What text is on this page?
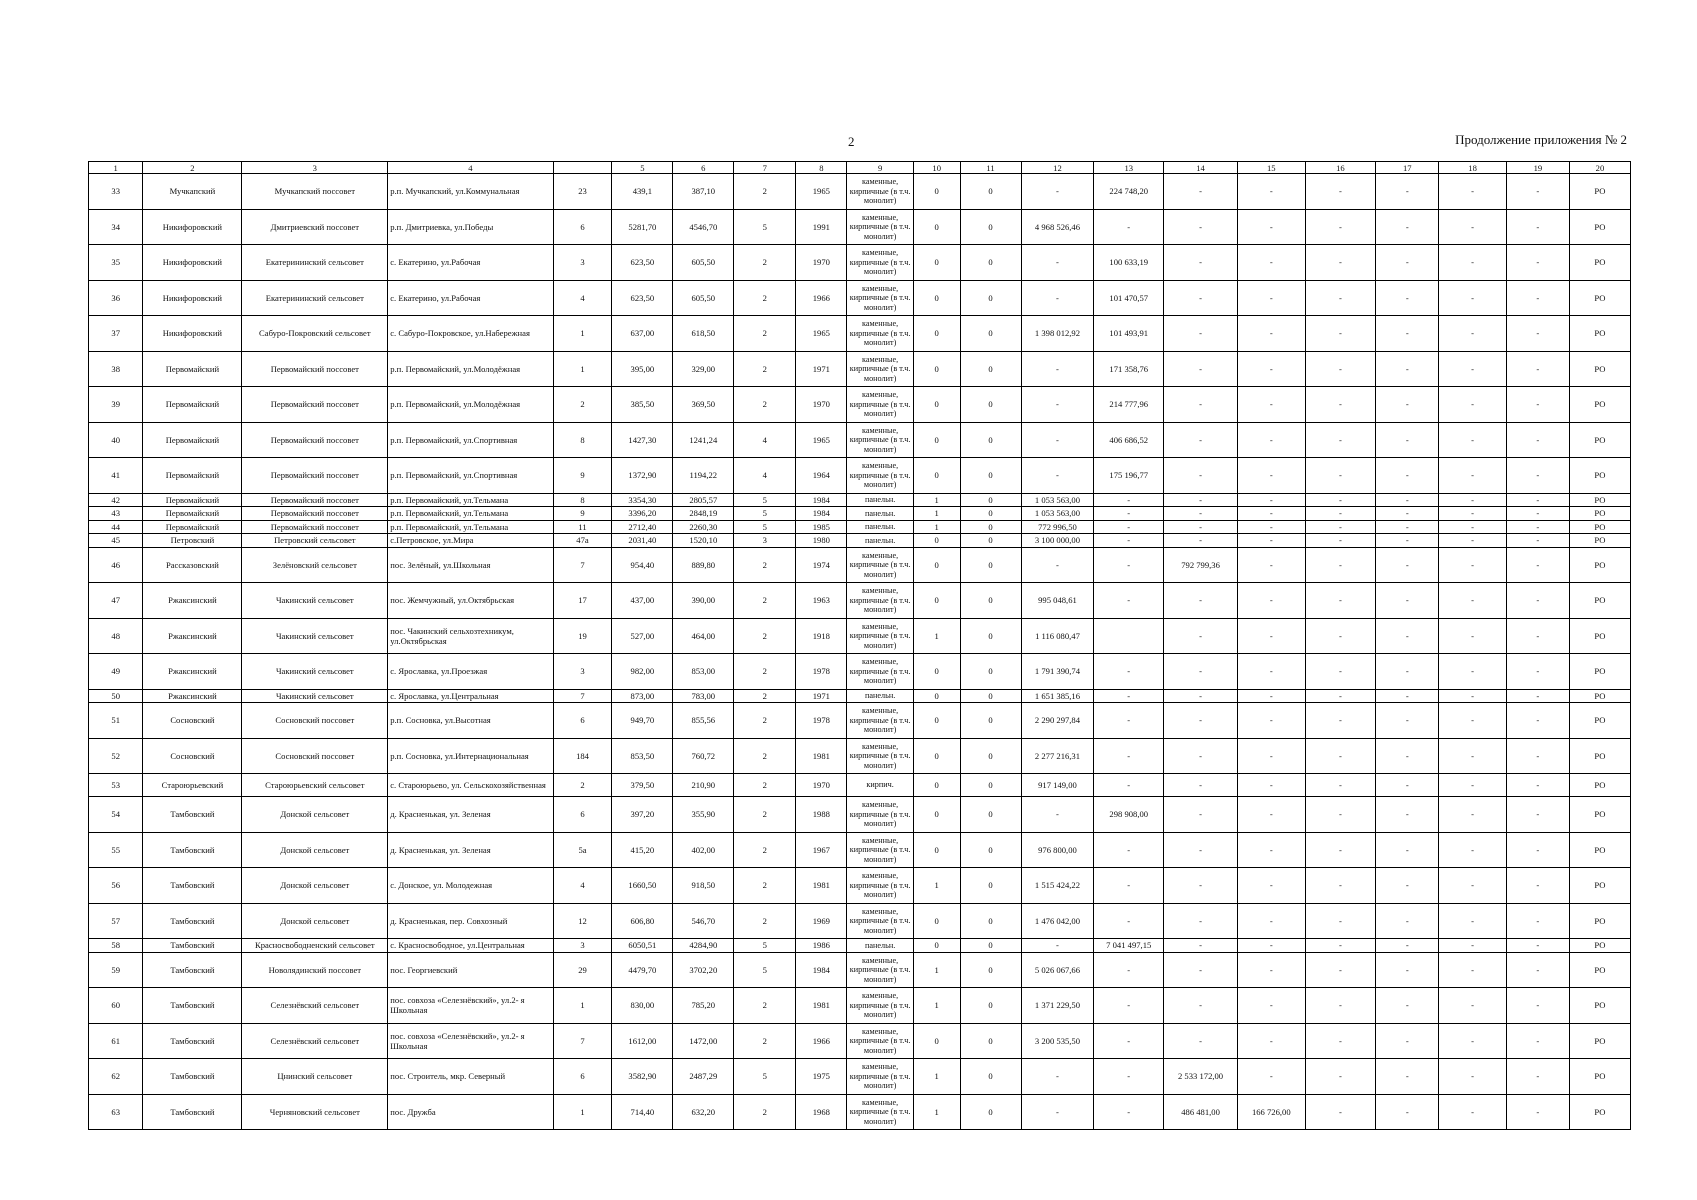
2	Продолжение приложения № 2
1	2	3	4		5	6	7	8	9	10	11	12	13	14	15	16	17	18	19	20
33	Мучкапский	Мучкапский поссовет	р.п. Мучкапский, ул.Коммунальная	23	439,1	387,10	2	1965	каменные, кирпичные (в т.ч. монолит)	0	0	-	224 748,20	-	-	-	-	-	-	РО
34	Никифоровский	Дмитриевский поссовет	р.п. Дмитриевка, ул.Победы	6	5281,70	4546,70	5	1991	каменные, кирпичные (в т.ч. монолит)	0	0	4 968 526,46	-	-	-	-	-	-	-	РО
35	Никифоровский	Екатерининский сельсовет	с. Екатерино, ул.Рабочая	3	623,50	605,50	2	1970	каменные, кирпичные (в т.ч. монолит)	0	0	-	100 633,19	-	-	-	-	-	-	РО
36	Никифоровский	Екатерининский сельсовет	с. Екатерино, ул.Рабочая	4	623,50	605,50	2	1966	каменные, кирпичные (в т.ч. монолит)	0	0	-	101 470,57	-	-	-	-	-	-	РО
37	Никифоровский	Сабуро-Покровский сельсовет	с. Сабуро-Покровское, ул.Набережная	1	637,00	618,50	2	1965	каменные, кирпичные (в т.ч. монолит)	0	0	1 398 012,92	101 493,91	-	-	-	-	-	-	РО
38	Первомайский	Первомайский поссовет	р.п. Первомайский, ул.Молодёжная	1	395,00	329,00	2	1971	каменные, кирпичные (в т.ч. монолит)	0	0	-	171 358,76	-	-	-	-	-	-	РО
39	Первомайский	Первомайский поссовет	р.п. Первомайский, ул.Молодёжная	2	385,50	369,50	2	1970	каменные, кирпичные (в т.ч. монолит)	0	0	-	214 777,96	-	-	-	-	-	-	РО
40	Первомайский	Первомайский поссовет	р.п. Первомайский, ул.Спортивная	8	1427,30	1241,24	4	1965	каменные, кирпичные (в т.ч. монолит)	0	0	-	406 686,52	-	-	-	-	-	-	РО
41	Первомайский	Первомайский поссовет	р.п. Первомайский, ул.Спортивная	9	1372,90	1194,22	4	1964	каменные, кирпичные (в т.ч. монолит)	0	0	-	175 196,77	-	-	-	-	-	-	РО
42	Первомайский	Первомайский поссовет	р.п. Первомайский, ул.Тельмана	8	3354,30	2805,57	5	1984	панельн.	1	0	1 053 563,00	-	-	-	-	-	-	-	РО
43	Первомайский	Первомайский поссовет	р.п. Первомайский, ул.Тельмана	9	3396,20	2848,19	5	1984	панельн.	1	0	1 053 563,00	-	-	-	-	-	-	-	РО
44	Первомайский	Первомайский поссовет	р.п. Первомайский, ул.Тельмана	11	2712,40	2260,30	5	1985	панельн.	1	0	772 996,50	-	-	-	-	-	-	-	РО
45	Петровский	Петровский сельсовет	с.Петровское, ул.Мира	47а	2031,40	1520,10	3	1980	панельн.	0	0	3 100 000,00	-	-	-	-	-	-	-	РО
46	Рассказовский	Зелёновский сельсовет	пос. Зелёный, ул.Школьная	7	954,40	889,80	2	1974	каменные, кирпичные (в т.ч. монолит)	0	0	-	-	792 799,36	-	-	-	-	-	РО
47	Ржаксинский	Чакинский сельсовет	пос. Жемчужный, ул.Октябрьская	17	437,00	390,00	2	1963	каменные, кирпичные (в т.ч. монолит)	0	0	995 048,61	-	-	-	-	-	-	-	РО
48	Ржаксинский	Чакинский сельсовет	пос. Чакинский сельхозтехникум, ул.Октябрьская	19	527,00	464,00	2	1918	каменные, кирпичные (в т.ч. монолит)	1	0	1 116 080,47		-	-	-	-	-	-	РО
49	Ржаксинский	Чакинский сельсовет	с. Ярославка, ул.Проезжая	3	982,00	853,00	2	1978	каменные, кирпичные (в т.ч. монолит)	0	0	1 791 390,74	-	-	-	-	-	-	-	РО
50	Ржаксинский	Чакинский сельсовет	с. Ярославка, ул.Центральная	7	873,00	783,00	2	1971	панельн.	0	0	1 651 385,16	-	-	-	-	-	-	-	РО
51	Сосновский	Сосновский поссовет	р.п. Сосновка, ул.Высотная	6	949,70	855,56	2	1978	каменные, кирпичные (в т.ч. монолит)	0	0	2 290 297,84	-	-	-	-	-	-	-	РО
52	Сосновский	Сосновский поссовет	р.п. Сосновка, ул.Интернациональная	184	853,50	760,72	2	1981	каменные, кирпичные (в т.ч. монолит)	0	0	2 277 216,31	-	-	-	-	-	-	-	РО
53	Староюрьевский	Староюрьевский сельсовет	с. Староюрьево, ул. Сельскохозяйственная	2	379,50	210,90	2	1970	кирпич.	0	0	917 149,00	-	-	-	-	-	-	-	РО
54	Тамбовский	Донской сельсовет	д. Красненькая, ул. Зеленая	6	397,20	355,90	2	1988	каменные, кирпичные (в т.ч. монолит)	0	0	-	298 908,00	-	-	-	-	-	-	РО
55	Тамбовский	Донской сельсовет	д. Красненькая, ул. Зеленая	5а	415,20	402,00	2	1967	каменные, кирпичные (в т.ч. монолит)	0	0	976 800,00	-	-	-	-	-	-	-	РО
56	Тамбовский	Донской сельсовет	с. Донское, ул. Молодежная	4	1660,50	918,50	2	1981	каменные, кирпичные (в т.ч. монолит)	1	0	1 515 424,22	-	-	-	-	-	-	-	РО
57	Тамбовский	Донской сельсовет	д. Красненькая, пер. Совхозный	12	606,80	546,70	2	1969	каменные, кирпичные (в т.ч. монолит)	0	0	1 476 042,00	-	-	-	-	-	-	-	РО
58	Тамбовский	Красносвободненский сельсовет	с. Красносвободное, ул.Центральная	3	6050,51	4284,90	5	1986	панельн.	0	0	-	7 041 497,15	-	-	-	-	-	-	РО
59	Тамбовский	Новолядинский поссовет	пос. Георгиевский	29	4479,70	3702,20	5	1984	каменные, кирпичные (в т.ч. монолит)	1	0	5 026 067,66	-	-	-	-	-	-	-	РО
60	Тамбовский	Селезнёвский сельсовет	пос. совхоза «Селезнёвский», ул.2- я Школьная	1	830,00	785,20	2	1981	каменные, кирпичные (в т.ч. монолит)	1	0	1 371 229,50	-	-	-	-	-	-	-	РО
61	Тамбовский	Селезнёвский сельсовет	пос. совхоза «Селезнёвский», ул.2- я Школьная	7	1612,00	1472,00	2	1966	каменные, кирпичные (в т.ч. монолит)	0	0	3 200 535,50	-	-	-	-	-	-	-	РО
62	Тамбовский	Цнинский сельсовет	пос. Строитель, мкр. Северный	6	3582,90	2487,29	5	1975	каменные, кирпичные (в т.ч. монолит)	1	0	-	-	2 533 172,00	-	-	-	-	-	РО
63	Тамбовский	Черняновский сельсовет	пос. Дружба	1	714,40	632,20	2	1968	каменные, кирпичные (в т.ч. монолит)	1	0	-	-	486 481,00	166 726,00	-	-	-	-	РО
